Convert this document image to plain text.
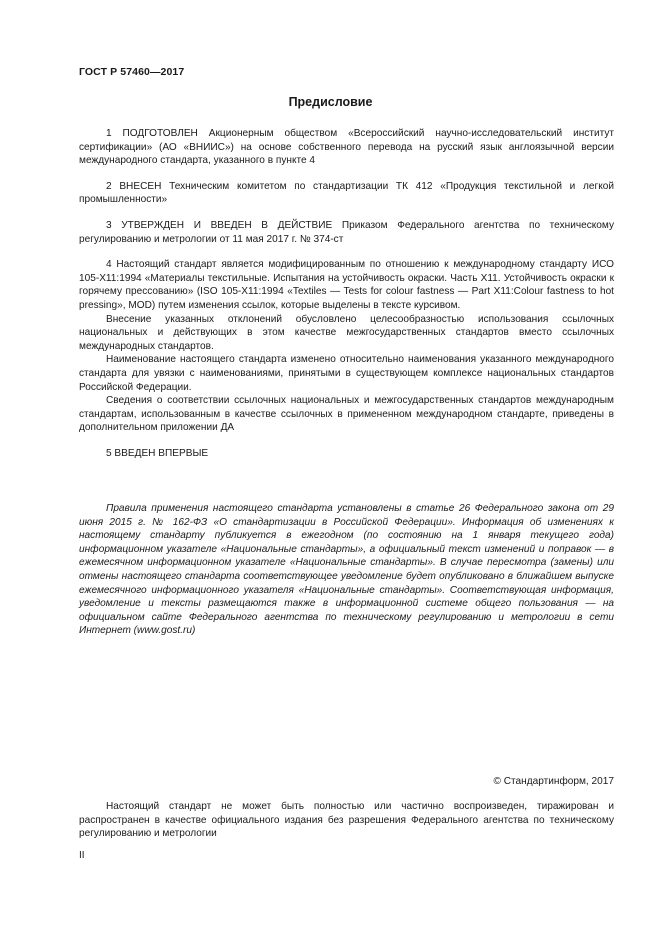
ГОСТ Р 57460—2017
Предисловие

1 ПОДГОТОВЛЕН Акционерным обществом «Всероссийский научно-исследовательский институт сертификации» (АО «ВНИИС») на основе собственного перевода на русский язык англоязычной версии международного стандарта, указанного в пункте 4

2 ВНЕСЕН Техническим комитетом по стандартизации ТК 412 «Продукция текстильной и легкой промышленности»

3 УТВЕРЖДЕН И ВВЕДЕН В ДЕЙСТВИЕ Приказом Федерального агентства по техническому регулированию и метрологии от 11 мая 2017 г. № 374-ст

4 Настоящий стандарт является модифицированным по отношению к международному стандарту ИСО 105-Х11:1994 «Материалы текстильные. Испытания на устойчивость окраски. Часть Х11. Устойчивость окраски к горячему прессованию» (ISO 105-X11:1994 «Textiles — Tests for colour fastness — Part X11:Colour fastness to hot pressing», MOD) путем изменения ссылок, которые выделены в тексте курсивом.

Внесение указанных отклонений обусловлено целесообразностью использования ссылочных национальных и действующих в этом качестве межгосударственных стандартов вместо ссылочных международных стандартов.

Наименование настоящего стандарта изменено относительно наименования указанного международного стандарта для увязки с наименованиями, принятыми в существующем комплексе национальных стандартов Российской Федерации.

Сведения о соответствии ссылочных национальных и межгосударственных стандартов международным стандартам, использованным в качестве ссылочных в примененном международном стандарте, приведены в дополнительном приложении ДА

5 ВВЕДЕН ВПЕРВЫЕ

Правила применения настоящего стандарта установлены в статье 26 Федерального закона от 29 июня 2015 г. № 162-ФЗ «О стандартизации в Российской Федерации». Информация об изменениях к настоящему стандарту публикуется в ежегодном (по состоянию на 1 января текущего года) информационном указателе «Национальные стандарты», а официальный текст изменений и поправок — в ежемесячном информационном указателе «Национальные стандарты». В случае пересмотра (замены) или отмены настоящего стандарта соответствующее уведомление будет опубликовано в ближайшем выпуске ежемесячного информационного указателя «Национальные стандарты». Соответствующая информация, уведомление и тексты размещаются также в информационной системе общего пользования — на официальном сайте Федерального агентства по техническому регулированию и метрологии в сети Интернет (www.gost.ru)

© Стандартинформ, 2017

Настоящий стандарт не может быть полностью или частично воспроизведен, тиражирован и распространен в качестве официального издания без разрешения Федерального агентства по техническому регулированию и метрологии

II
